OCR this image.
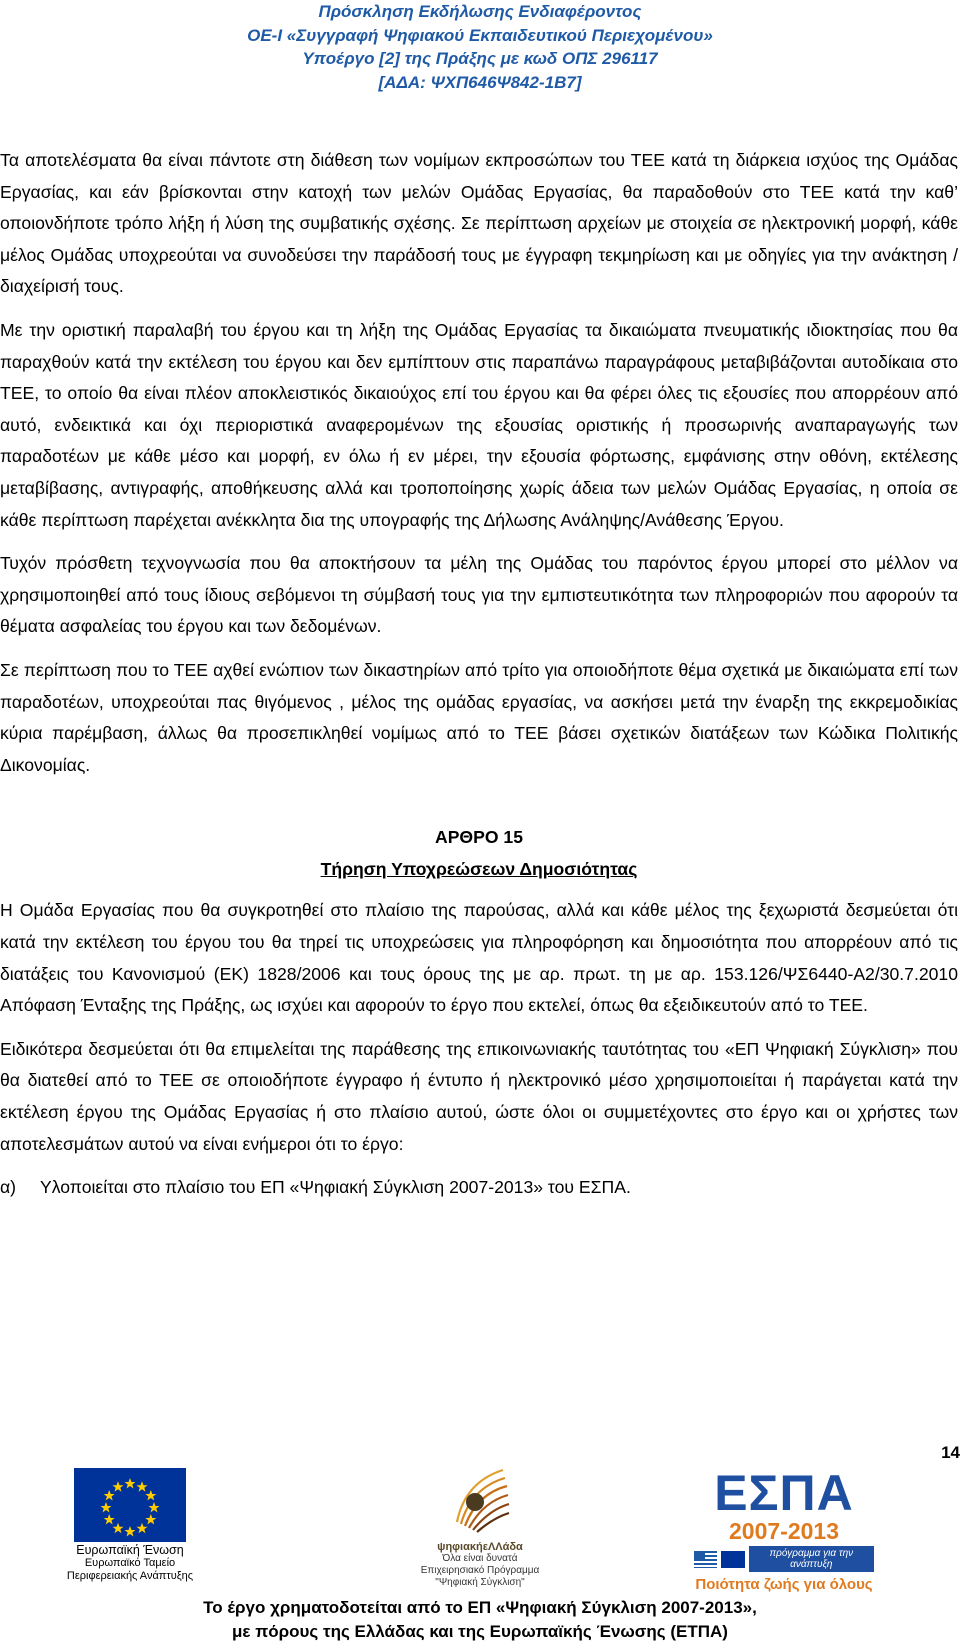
Πρόσκληση Εκδήλωσης Ενδιαφέροντος
ΟΕ-Ι «Συγγραφή Ψηφιακού Εκπαιδευτικού Περιεχομένου»
Υποέργο [2] της Πράξης με κωδ ΟΠΣ 296117
[ΑΔΑ: ΨΧΠ646Ψ842-1Β7]

Τα αποτελέσματα θα είναι πάντοτε στη διάθεση των νομίμων εκπροσώπων του ΤΕΕ κατά τη διάρκεια ισχύος της Ομάδας Εργασίας, και εάν βρίσκονται στην κατοχή των μελών Ομάδας Εργασίας, θα παραδοθούν στο ΤΕΕ κατά την καθ’ οποιονδήποτε τρόπο λήξη ή λύση της συμβατικής σχέσης. Σε περίπτωση αρχείων με στοιχεία σε ηλεκτρονική μορφή, κάθε μέλος Ομάδας υποχρεούται να συνοδεύσει την παράδοσή τους με έγγραφη τεκμηρίωση και με οδηγίες για την ανάκτηση / διαχείρισή τους.

Με την οριστική παραλαβή του έργου και τη λήξη της Ομάδας Εργασίας τα δικαιώματα πνευματικής ιδιοκτησίας που θα παραχθούν κατά την εκτέλεση του έργου και δεν εμπίπτουν στις παραπάνω παραγράφους μεταβιβάζονται αυτοδίκαια στο ΤΕΕ, το οποίο θα είναι πλέον αποκλειστικός δικαιούχος επί του έργου και θα φέρει όλες τις εξουσίες που απορρέουν από αυτό, ενδεικτικά και όχι περιοριστικά αναφερομένων της εξουσίας οριστικής ή προσωρινής αναπαραγωγής των παραδοτέων με κάθε μέσο και μορφή, εν όλω ή εν μέρει, την εξουσία φόρτωσης, εμφάνισης στην οθόνη, εκτέλεσης μεταβίβασης, αντιγραφής, αποθήκευσης αλλά και τροποποίησης χωρίς άδεια των μελών Ομάδας Εργασίας, η οποία σε κάθε περίπτωση παρέχεται ανέκκλητα δια της υπογραφής της Δήλωσης Ανάληψης/Ανάθεσης Έργου.

Τυχόν πρόσθετη τεχνογνωσία που θα αποκτήσουν τα μέλη της Ομάδας του παρόντος έργου μπορεί στο μέλλον να χρησιμοποιηθεί από τους ίδιους σεβόμενοι τη σύμβασή τους για την εμπιστευτικότητα των πληροφοριών που αφορούν τα θέματα ασφαλείας του έργου και των δεδομένων.

Σε περίπτωση που το ΤΕΕ αχθεί ενώπιον των δικαστηρίων από τρίτο για οποιοδήποτε θέμα σχετικά με δικαιώματα επί των παραδοτέων, υποχρεούται πας θιγόμενος , μέλος της ομάδας εργασίας, να ασκήσει μετά την έναρξη της εκκρεμοδικίας κύρια παρέμβαση, άλλως θα προσεπικληθεί νομίμως από το ΤΕΕ βάσει σχετικών διατάξεων των Κώδικα Πολιτικής Δικονομίας.

ΑΡΘΡΟ 15
Τήρηση Υποχρεώσεων Δημοσιότητας

Η Ομάδα Εργασίας που θα συγκροτηθεί στο πλαίσιο της παρούσας, αλλά και κάθε μέλος της ξεχωριστά δεσμεύεται ότι κατά την εκτέλεση του έργου του θα τηρεί τις υποχρεώσεις για πληροφόρηση και δημοσιότητα που απορρέουν από τις διατάξεις του Κανονισμού (ΕΚ) 1828/2006 και τους όρους της με αρ. πρωτ. τη με αρ. 153.126/ΨΣ6440-Α2/30.7.2010 Απόφαση Ένταξης της Πράξης, ως ισχύει και αφορούν το έργο που εκτελεί, όπως θα εξειδικευτούν από το ΤΕΕ.

Ειδικότερα δεσμεύεται ότι θα επιμελείται της παράθεσης της επικοινωνιακής ταυτότητας του «ΕΠ Ψηφιακή Σύγκλιση» που θα διατεθεί από το ΤΕΕ σε οποιοδήποτε έγγραφο ή έντυπο ή ηλεκτρονικό μέσο χρησιμοποιείται ή παράγεται κατά την εκτέλεση έργου της Ομάδας Εργασίας ή στο πλαίσιο αυτού, ώστε όλοι οι συμμετέχοντες στο έργο και οι χρήστες των αποτελεσμάτων αυτού να είναι ενήμεροι ότι το έργο:

α)	Υλοποιείται στο πλαίσιο του ΕΠ «Ψηφιακή Σύγκλιση 2007-2013» του ΕΣΠΑ.
14
Ευρωπαϊκή Ένωση
Ευρωπαϊκό Ταμείο
Περιφερειακής Ανάπτυξης
ψηφιακήεΛΛάδα
Όλα είναι δυνατά
Επιχειρησιακό Πρόγραμμα
"Ψηφιακή Σύγκλιση"
ΕΣΠΑ
2007-2013
πρόγραμμα για την ανάπτυξη
Ποιότητα ζωής για όλους
Το έργο χρηματοδοτείται από το ΕΠ «Ψηφιακή Σύγκλιση 2007-2013»,
με πόρους της Ελλάδας και της Ευρωπαϊκής Ένωσης (ΕΤΠΑ)
